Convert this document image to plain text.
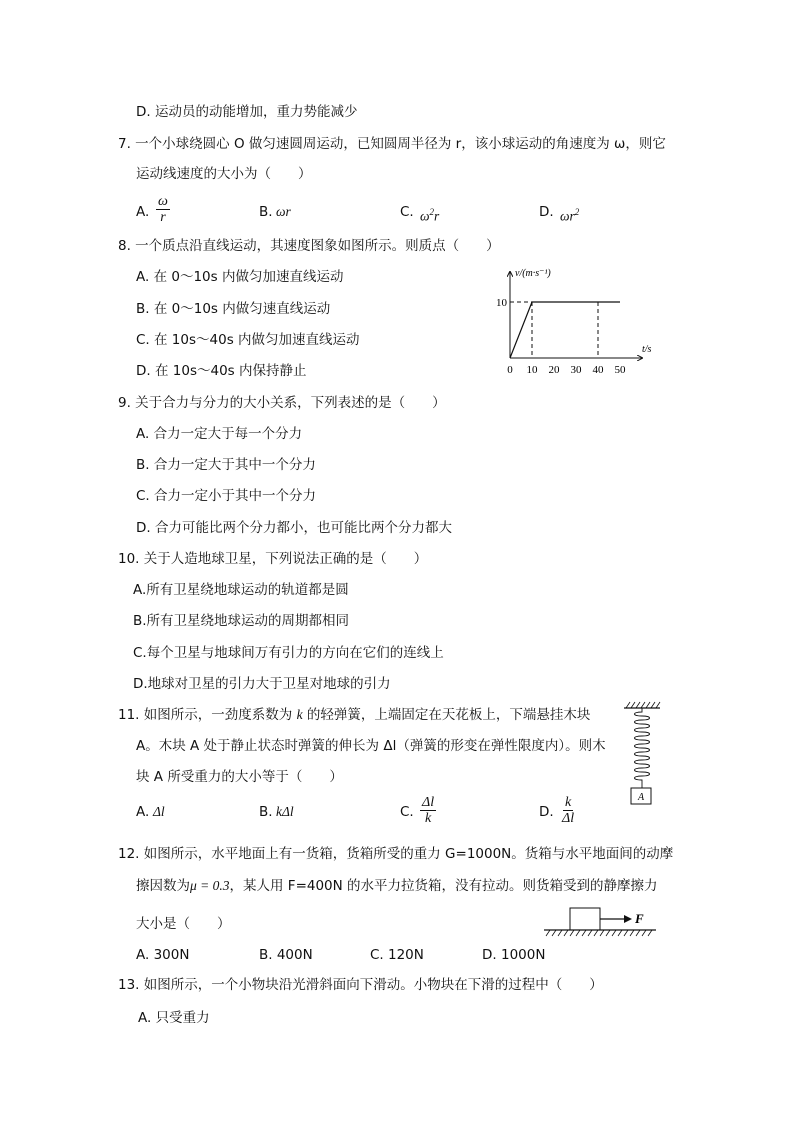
D. 运动员的动能增加，重力势能减少
7. 一个小球绕圆心 O 做匀速圆周运动，已知圆周半径为 r，该小球运动的角速度为 ω，则它
运动线速度的大小为（　　）
A. $\frac{\omega}{r}$	B. ωr	C. $\omega^2r$	D. $\omega r^2$
8. 一个质点沿直线运动，其速度图象如图所示。则质点（　　）
A. 在 0～10s 内做匀加速直线运动
B. 在 0～10s 内做匀速直线运动
C. 在 10s～40s 内做匀加速直线运动
D. 在 10s～40s 内保持静止
v/(m·s⁻¹)
t/s
0 10 20 30 40 50
10
9. 关于合力与分力的大小关系，下列表述的是（　　）
A. 合力一定大于每一个分力
B. 合力一定大于其中一个分力
C. 合力一定小于其中一个分力
D. 合力可能比两个分力都小，也可能比两个分力都大
10. 关于人造地球卫星，下列说法正确的是（　　）
A.所有卫星绕地球运动的轨道都是圆
B.所有卫星绕地球运动的周期都相同
C.每个卫星与地球间万有引力的方向在它们的连线上
D.地球对卫星的引力大于卫星对地球的引力
11. 如图所示，一劲度系数为 k 的轻弹簧，上端固定在天花板上，下端悬挂木块
A。木块 A 处于静止状态时弹簧的伸长为 Δl（弹簧的形变在弹性限度内）。则木
块 A 所受重力的大小等于（　　）
A. Δl	B. kΔl	C. $\frac{\Delta l}{k}$	D. $\frac{k}{\Delta l}$	A
12. 如图所示，水平地面上有一货箱，货箱所受的重力 G=1000N。货箱与水平地面间的动摩
擦因数为μ = 0.3，某人用 F=400N 的水平力拉货箱，没有拉动。则货箱受到的静摩擦力
大小是（　　）
A. 300N	B. 400N	C. 120N	D. 1000N
F
13. 如图所示，一个小物块沿光滑斜面向下滑动。小物块在下滑的过程中（　　）
A. 只受重力
